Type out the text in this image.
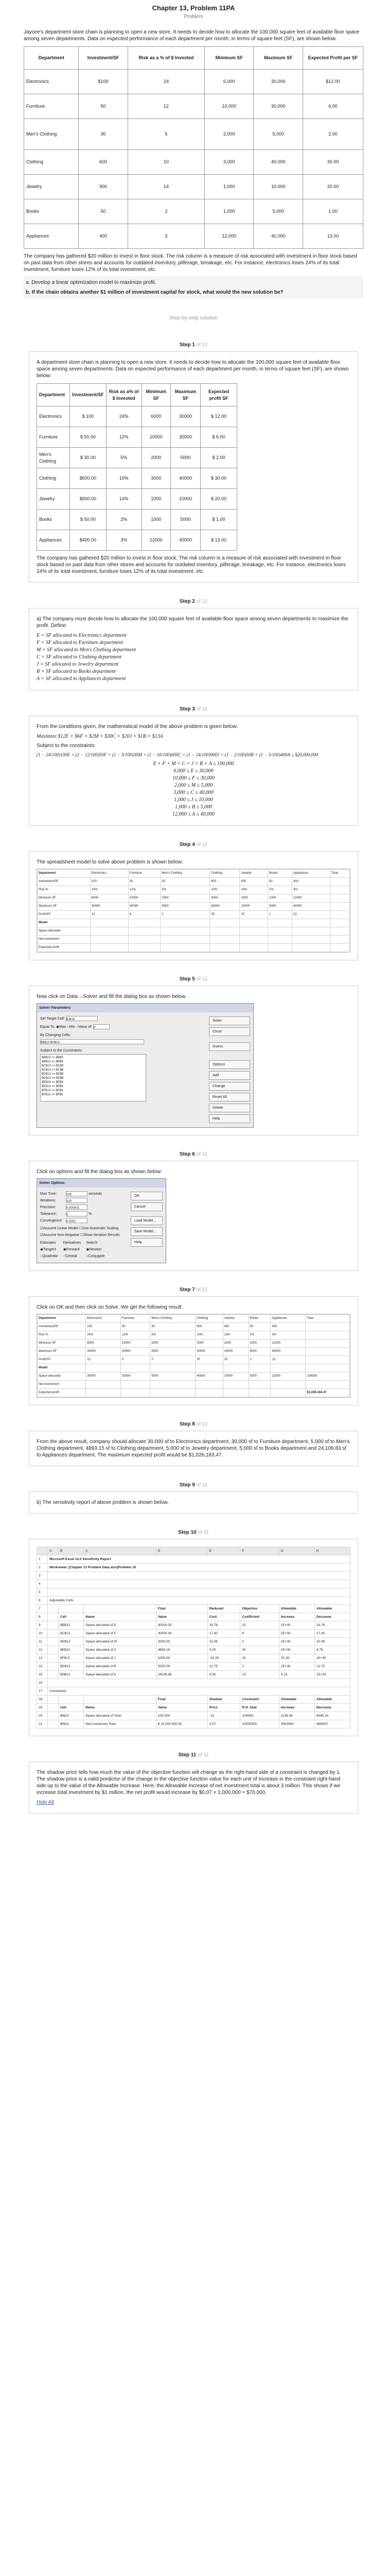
Chapter 13, Problem 11PA
Problem

Jaycee's department store chain is planning to open a new store. It needs to decide how to allocate the 100,000 square feet of available floor space among seven departments. Data on expected performance of each department per month, in terms of square feet (SF), are shown below.

Department	Investment/SF	Risk as a % of $ Invested	Minimum SF	Maximum SF	Expected Profit per SF
Electronics	$100	24	6,000	30,000	$12.00
Furniture	50	12	10,000	30,000	6.00
Men's Clothing	30	5	2,000	5,000	2.00
Clothing	600	10	3,000	40,000	30.00
Jewelry	900	14	1,000	10,000	20.00
Books	50	2	1,000	5,000	1.00
Appliances	400	3	12,000	40,000	13.00

The company has gathered $20 million to invest in floor stock. The risk column is a measure of risk associated with investment in floor stock based on past data from other stores and accounts for outdated inventory, pilferage, breakage, etc. For instance, electronics loses 24% of its total investment, furniture loses 12% of its total investment, etc.

a. Develop a linear optimization model to maximize profit.
b. If the chain obtains another $1 million of investment capital for stock, what would the new solution be?
Step-by-step solution
Step 1 of 11

A department store chain is planning to open a new store. It needs to decide how to allocate the 100,000 square feet of available floor space among seven departments. Data on expected performance of each department per month, in terms of square feet (SF), are shown below:

Department	Investment/SF	Risk as a% of $ Invested	Minimum SF	Maximum SF	Expected profit SF
Electronics	$ 100	24%	6000	30000	$ 12.00
Furniture	$ 50.00	12%	10000	30000	$ 6.00
Men's Clothing	$ 30.00	5%	2000	5000	$ 2.00
Clothing	$600.00	10%	3000	40000	$ 30.00
Jewelry	$900.00	14%	1000	10000	$ 20.00
Books	$ 50.00	2%	1000	5000	$ 1.00
Appliances	$400.00	3%	12000	40000	$ 13.00

The company has gathered $20 million to invest in floor stock. The risk column is a measure of risk associated with investment in floor stock based on past data from other stores and accounts for outdated inventory, pilferage, breakage, etc. For instance, electronics loses 24% of its total investment, furniture loses 12% of its total investment, etc.

Step 2 of 11

a) The company must decide how to allocate the 100,000 square feet of available floor space among seven departments to maximize the profit. Define:

E = SF allocated to Electronics department
F = SF allocated to Furniture department
M = SF allocated to Men's Clothing department
C = SF allocated to Clothing department
J = SF allocated to Jewelry department
B = SF allocated to Books department
A = SF allocated to Appliances department
Step 3 of 11

From the conditions given, the mathematical model of the above problem is given below:

Maximize $12E + $6F + $2M + $30C + $20J + $1B + $13A
Subject to the constraints:
(1 − 24/100)100E + (1 − 12/100)50F + (1 − 5/100)30M + (1 − 10/100)600C + (1 − 14/100)900J + (1 − 2/100)50B + (1 − 3/100)400A ≤ $20,000,000
E + F + M + C + J + B + A ≤ 100,000
6,000 ≤ E ≤ 30,000
10,000 ≤ F ≤ 30,000
2,000 ≤ M ≤ 5,000
3,000 ≤ C ≤ 40,000
1,000 ≤ J ≤ 10,000
1,000 ≤ B ≤ 5,000
12,000 ≤ A ≤ 40,000
Step 4 of 11

The spreadsheet model to solve above problem is shown below:

Department	Electronics	Furniture	Men's Clothing	Clothing	Jewelry	Books	Appliances	Total
Investment/SF	100	50	30	600	900	50	400	
Risk %	24%	12%	5%	10%	14%	2%	3%	
Minimum SF	6000	10000	2000	3000	1000	1000	12000	
Maximum SF	30000	30000	5000	40000	10000	5000	40000	
Profit/SF	12	6	2	30	20	1	13	
Model								
Space allocated								
Net investment								
Expected profit								
Step 5 of 11

Now click on Data→Solver and fill the dialog box as shown below.

Solver Parameters
Set Target Cell: $J$16
Equal To: ◉Max ○Min ○Value of: 0
By Changing Cells:
$B$13:$H$13
Subject to the Constraints:
$B$13 <= $B$9
$B$13 >= $B$8
$C$13 <= $C$9
$C$13 >= $C$8
$D$13 <= $D$9
$D$13 >= $D$8
$E$13 <= $E$9
$E$13 >= $E$8
$F$13 <= $F$9
$F$13 >= $F$8
Solve
Close
Guess
Options
Add
Change
Reset All
Delete
Help
Step 6 of 11

Click on options and fill the dialog box as shown below:

Solver Options
Max Time:	100	seconds
Iterations:	100
Precision:	0.000001
Tolerance:	5	%
Convergence: 0.0001
☑Assume Linear Model ☐Use Automatic Scaling
☑Assume Non-Negative ☐Show Iteration Results
Estimates
◉Tangent
○Quadratic
Derivatives
◉Forward
○Central
Search
◉Newton
○Conjugate
OK
Cancel
Load Model...
Save Model...
Help
Step 7 of 11

Click on OK and then click on Solve. We get the following result:

Department	Electronics	Furniture	Men's Clothing	Clothing	Jewelry	Books	Appliances	Total
Investment/SF	100	50	30	600	900	50	400	
Risk %	24%	12%	5%	10%	14%	2%	3%	
Minimum SF	6000	10000	2000	3000	1000	1000	12000	
Maximum SF	30000	30000	5000	40000	10000	5000	40000	
Profit/SF	12	6	2	30	20	1	13	
Model								
Space allocated	30000	30000	5000	40000	10000	5000	12000	100000
Net investment								
Expected profit								$1,026,183.47
Step 8 of 11

From the above result, company should allocate 30,000 sf to Electronics department, 30,000 sf to Furniture department, 5,000 sf to Men's Clothing department, 4893.15 sf to Clothing department, 5,000 sf to Jewelry department, 5,000 sf to Books department and 24,106.83 sf to Appliances department. The maximum expected profit would be $1,026,183.47.

Step 9 of 11

b) The sensitivity report of above problem is shown below.

Step 10 of 11
	A	B	C	D	E	F	G	H
1	Microsoft Excel 12.0 Sensitivity Report							
2	Worksheet: [Chapter 13 Problem Data.xlsx]Problem 16							
3								
4								
5								
6	Adjustable Cells							
7				Final	Reduced	Objective	Allowable	Allowable
8		Cell	Name	Value	Cost	Coefficient	Increase	Decrease
9		$B$13	Space allocated of E	30000.00	18.76	12	1E+30	18.76
10		$C$13	Space allocated of F	30000.00	17.40	6	1E+30	17.40
11		$D$13	Space allocated of M	5000.00	15.08	2	1E+30	15.08
12		$E$13	Space allocated of C	4893.15	0.00	30	1E+30	8.76
13		$F$13	Space allocated of J	1000.00	-20.29	20	20.29	1E+30
14		$G$13	Space allocated of B	5000.00	12.75	1	1E+30	12.75
15		$H$13	Space allocated of A	24106.85	0.00	13	5.15	1E+30
16								
17	Constraints							
18				Final	Shadow	Constraint	Allowable	Allowable
19		Cell	Name	Value	Price	R.H. Side	Increase	Decrease
20		$I$13	Space allocated of Total	100,000	-15	100000	1136.56	6545.24
21		$I$14	Net investment Total	$ 20,000,000.00	0.07	20000000	3552600	468500
Step 11 of 11

The shadow price tells how much the value of the objective function will change as the right-hand side of a constraint is changed by 1. The shadow price is a valid predictor of the change in the objective function value for each unit of increase in the constraint right-hand side up to the value of the Allowable Increase. Here, the Allowable Increase of net investment total is about 3 million. This shows if we increase total investment by $1 million, the net profit would increase by $0.07 × 1,000,000 = $70,000.

Hide All
